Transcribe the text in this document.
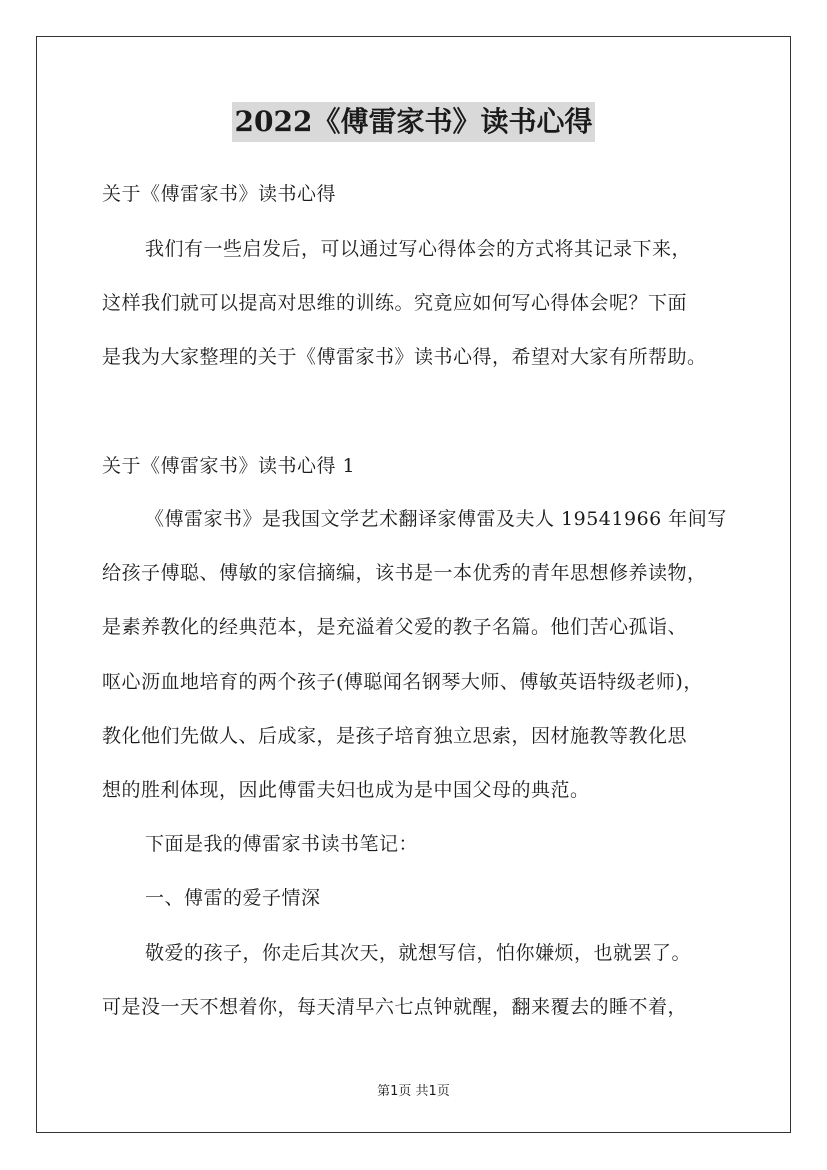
2022《傅雷家书》读书心得

关于《傅雷家书》读书心得

我们有一些启发后，可以通过写心得体会的方式将其记录下来，

这样我们就可以提高对思维的训练。究竟应如何写心得体会呢？下面

是我为大家整理的关于《傅雷家书》读书心得，希望对大家有所帮助。

关于《傅雷家书》读书心得 1

《傅雷家书》是我国文学艺术翻译家傅雷及夫人 19541966 年间写

给孩子傅聪、傅敏的家信摘编，该书是一本优秀的青年思想修养读物，

是素养教化的经典范本，是充溢着父爱的教子名篇。他们苦心孤诣、

呕心沥血地培育的两个孩子(傅聪闻名钢琴大师、傅敏英语特级老师)，

教化他们先做人、后成家，是孩子培育独立思索，因材施教等教化思

想的胜利体现，因此傅雷夫妇也成为是中国父母的典范。

下面是我的傅雷家书读书笔记：

一、傅雷的爱子情深

敬爱的孩子，你走后其次天，就想写信，怕你嫌烦，也就罢了。

可是没一天不想着你，每天清早六七点钟就醒，翻来覆去的睡不着，

第1页 共1页
